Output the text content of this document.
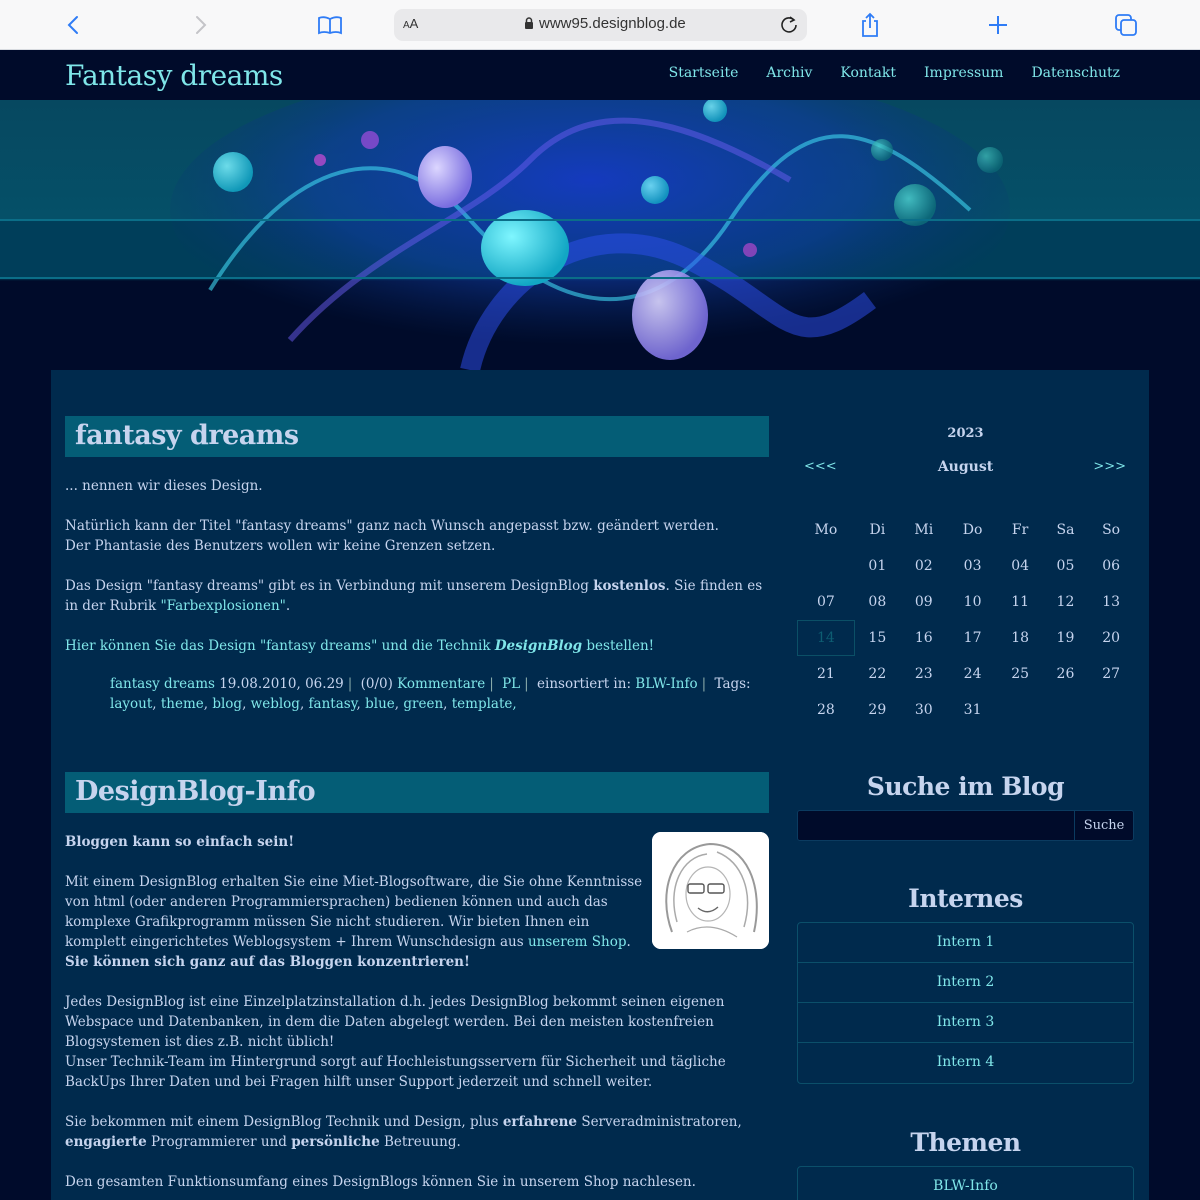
AA	www95.designblog.de
Fantasy dreams	Startseite Archiv Kontakt Impressum Datenschutz
fantasy dreams

... nennen wir dieses Design.

Natürlich kann der Titel "fantasy dreams" ganz nach Wunsch angepasst bzw. geändert werden.
Der Phantasie des Benutzers wollen wir keine Grenzen setzen.

Das Design "fantasy dreams" gibt es in Verbindung mit unserem DesignBlog kostenlos. Sie finden es in der Rubrik "Farbexplosionen".

Hier können Sie das Design "fantasy dreams" und die Technik DesignBlog bestellen!

fantasy dreams 19.08.2010, 06.29 | (0/0) Kommentare | PL | einsortiert in: BLW-Info | Tags:
layout, theme, blog, weblog, fantasy, blue, green, template,
DesignBlog-Info

Bloggen kann so einfach sein!

Mit einem DesignBlog erhalten Sie eine Miet-Blogsoftware, die Sie ohne Kenntnisse von html (oder anderen Programmiersprachen) bedienen können und auch das komplexe Grafikprogramm müssen Sie nicht studieren. Wir bieten Ihnen ein komplett eingerichtetes Weblogsystem + Ihrem Wunschdesign aus unserem Shop.
Sie können sich ganz auf das Bloggen konzentrieren!

Jedes DesignBlog ist eine Einzelplatzinstallation d.h. jedes DesignBlog bekommt seinen eigenen Webspace und Datenbanken, in dem die Daten abgelegt werden. Bei den meisten kostenfreien Blogsystemen ist dies z.B. nicht üblich!
Unser Technik-Team im Hintergrund sorgt auf Hochleistungsservern für Sicherheit und tägliche BackUps Ihrer Daten und bei Fragen hilft unser Support jederzeit und schnell weiter.

Sie bekommen mit einem DesignBlog Technik und Design, plus erfahrene Serveradministratoren, engagierte Programmierer und persönliche Betreuung.

Den gesamten Funktionsumfang eines DesignBlogs können Sie in unserem Shop nachlesen.

2023
<<<	August	>>>
Mo	Di	Mi	Do	Fr	Sa	So
	01	02	03	04	05	06
07	08	09	10	11	12	13
14	15	16	17	18	19	20
21	22	23	24	25	26	27
28	29	30	31			
Suche im Blog
Suche
Internes
Intern 1
Intern 2
Intern 3
Intern 4
Themen
BLW-Info
